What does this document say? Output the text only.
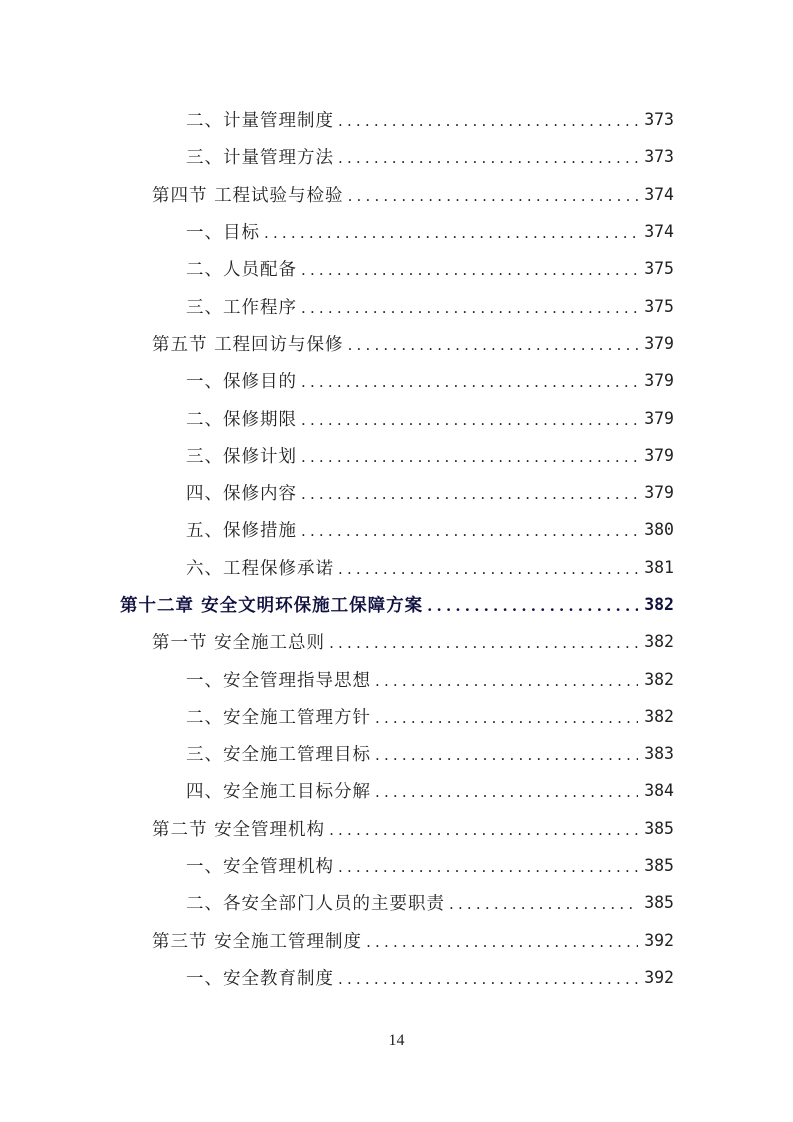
二、计量管理制度 .....	373
三、计量管理方法 .....	373
第四节 工程试验与检验 .....	374
一、目标 .....	374
二、人员配备 .....	375
三、工作程序 .....	375
第五节 工程回访与保修 .....	379
一、保修目的 .....	379
二、保修期限 .....	379
三、保修计划 .....	379
四、保修内容 .....	379
五、保修措施 .....	380
六、工程保修承诺 .....	381
第十二章 安全文明环保施工保障方案 .....	382
第一节 安全施工总则 .....	382
一、安全管理指导思想 .....	382
二、安全施工管理方针 .....	382
三、安全施工管理目标 .....	383
四、安全施工目标分解 .....	384
第二节 安全管理机构 .....	385
一、安全管理机构 .....	385
二、各安全部门人员的主要职责 .....	385
第三节 安全施工管理制度 .....	392
一、安全教育制度 .....	392
14
